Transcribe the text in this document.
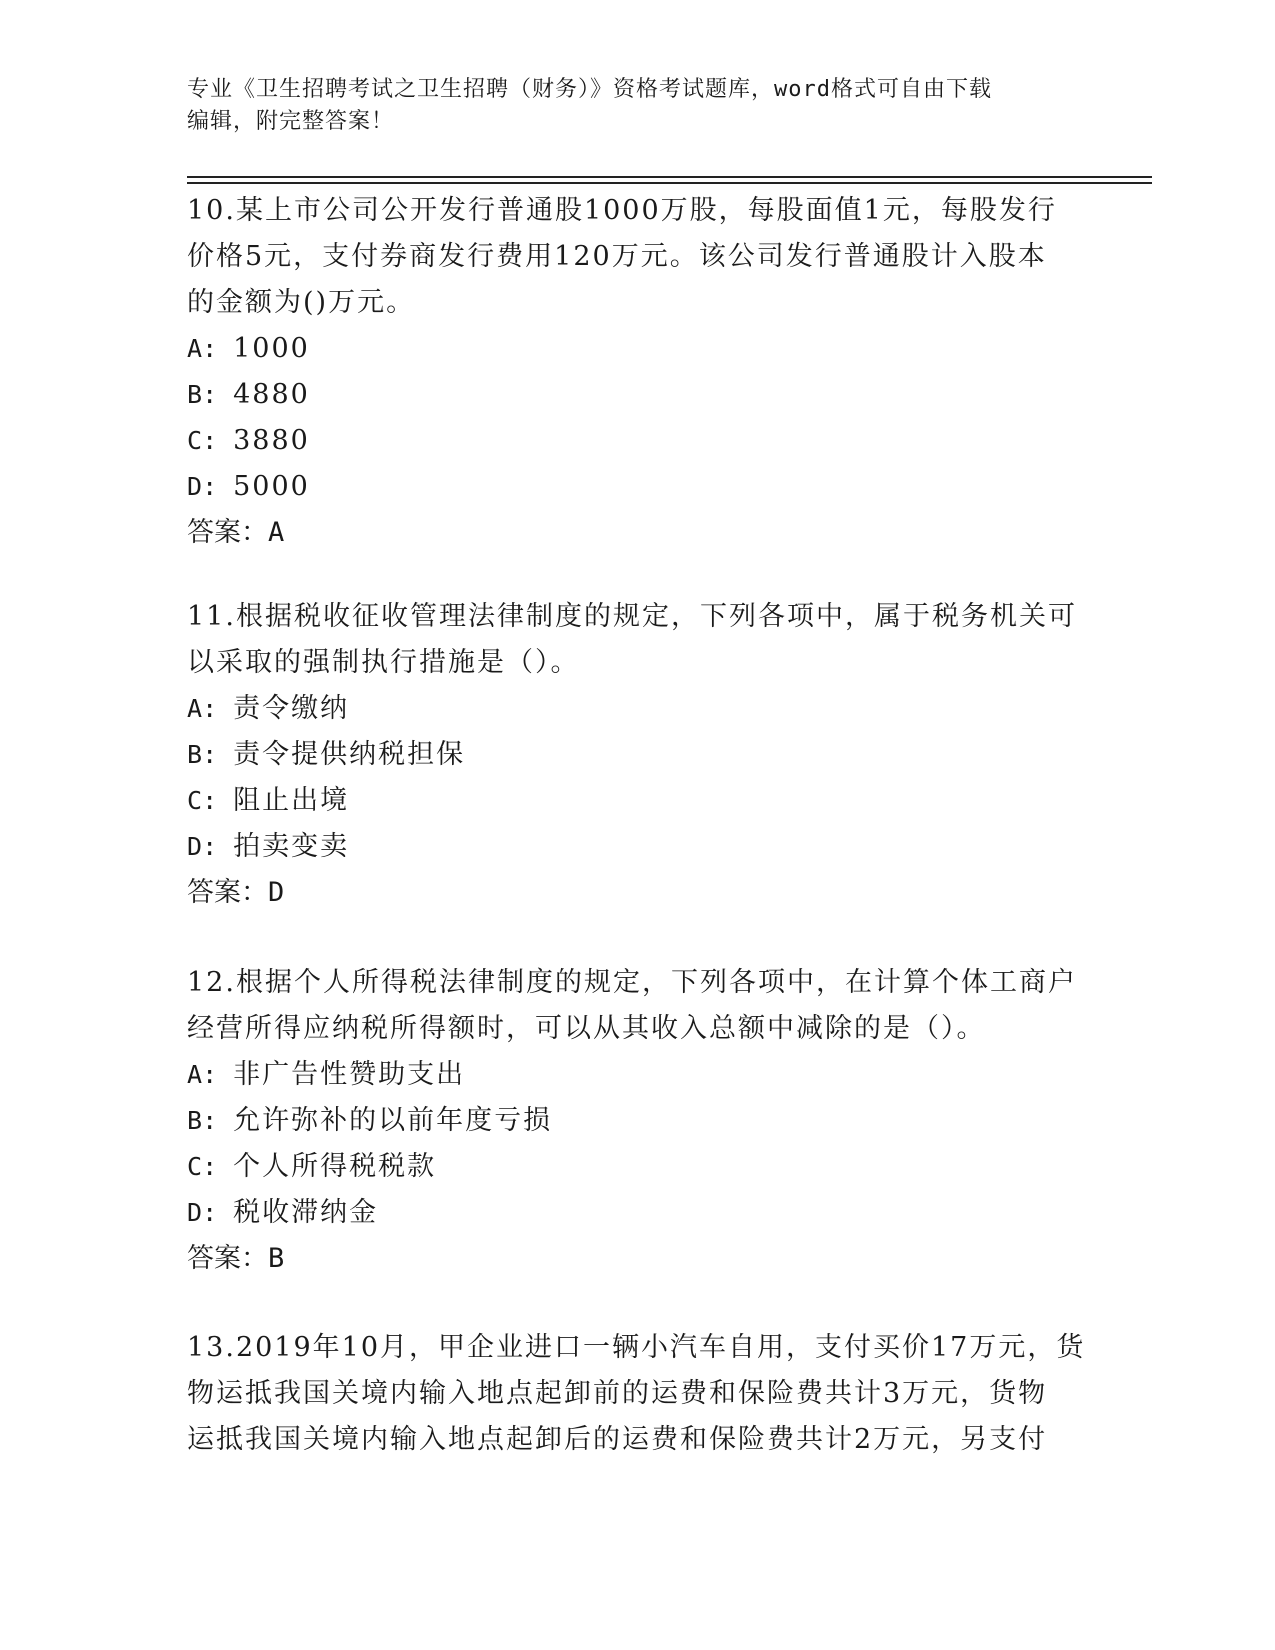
专业《卫生招聘考试之卫生招聘（财务）》资格考试题库，word格式可自由下载
编辑，附完整答案！
10.某上市公司公开发行普通股1000万股，每股面值1元，每股发行
价格5元，支付券商发行费用120万元。该公司发行普通股计入股本
的金额为()万元。
A: 1000
B: 4880
C: 3880
D: 5000
答案：A
11.根据税收征收管理法律制度的规定，下列各项中，属于税务机关可
以采取的强制执行措施是（）。
A: 责令缴纳
B: 责令提供纳税担保
C: 阻止出境
D: 拍卖变卖
答案：D
12.根据个人所得税法律制度的规定，下列各项中，在计算个体工商户
经营所得应纳税所得额时，可以从其收入总额中减除的是（）。
A: 非广告性赞助支出
B: 允许弥补的以前年度亏损
C: 个人所得税税款
D: 税收滞纳金
答案：B
13.2019年10月，甲企业进口一辆小汽车自用，支付买价17万元，货
物运抵我国关境内输入地点起卸前的运费和保险费共计3万元，货物
运抵我国关境内输入地点起卸后的运费和保险费共计2万元，另支付
